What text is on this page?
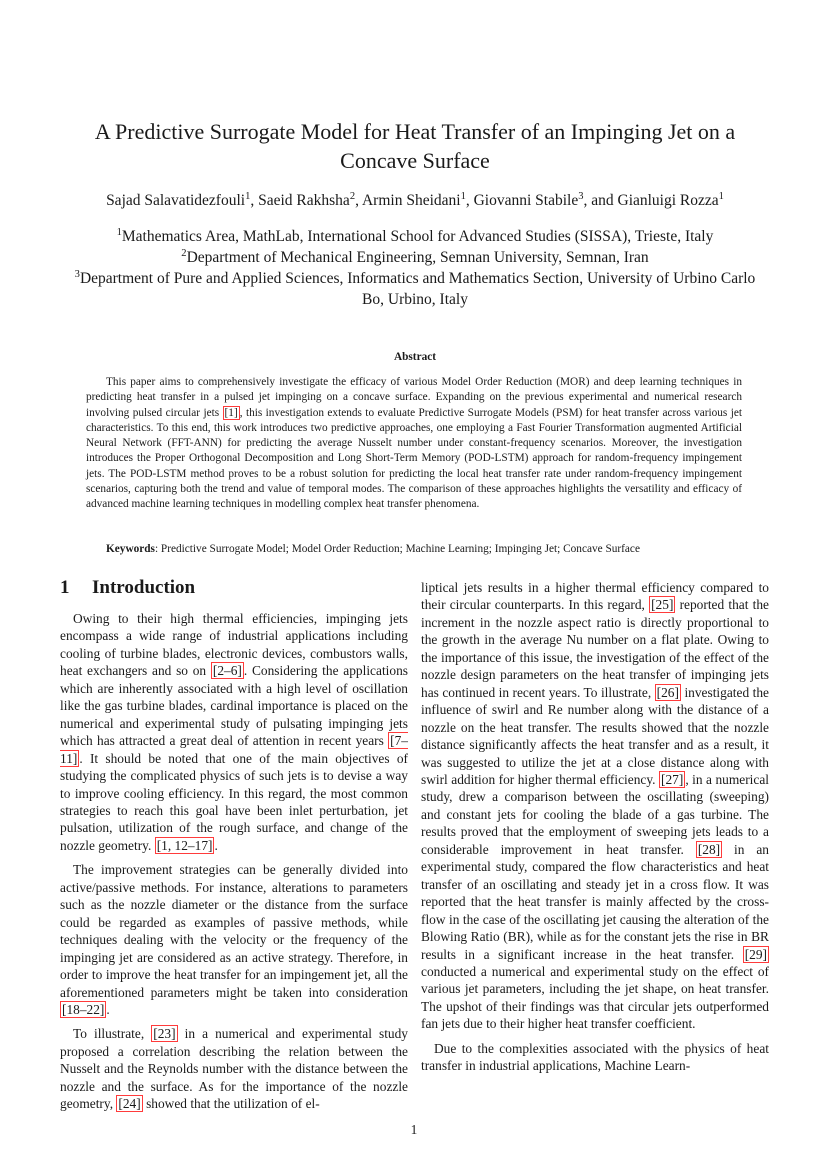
A Predictive Surrogate Model for Heat Transfer of an Impinging Jet on a Concave Surface
Sajad Salavatidezfouli$^1$, Saeid Rakhsha$^2$, Armin Sheidani$^1$, Giovanni Stabile$^3$, and Gianluigi Rozza$^1$
$^1$Mathematics Area, MathLab, International School for Advanced Studies (SISSA), Trieste, Italy
$^2$Department of Mechanical Engineering, Semnan University, Semnan, Iran
$^3$Department of Pure and Applied Sciences, Informatics and Mathematics Section, University of Urbino Carlo Bo, Urbino, Italy
Abstract
This paper aims to comprehensively investigate the efficacy of various Model Order Reduction (MOR) and deep learning techniques in predicting heat transfer in a pulsed jet impinging on a concave surface. Expanding on the previous experimental and numerical research involving pulsed circular jets [1] , this investigation extends to evaluate Predictive Surrogate Models (PSM) for heat transfer across various jet characteristics. To this end, this work introduces two predictive approaches, one employing a Fast Fourier Transformation augmented Artificial Neural Network (FFT-ANN) for predicting the average Nusselt number under constant-frequency scenarios. Moreover, the investigation introduces the Proper Orthogonal Decomposition and Long Short-Term Memory (POD-LSTM) approach for random-frequency impingement jets. The POD-LSTM method proves to be a robust solution for predicting the local heat transfer rate under random-frequency impingement scenarios, capturing both the trend and value of temporal modes. The comparison of these approaches highlights the versatility and efficacy of advanced machine learning techniques in modelling complex heat transfer phenomena.
Keywords: Predictive Surrogate Model; Model Order Reduction; Machine Learning; Impinging Jet; Concave Surface
1 Introduction

Owing to their high thermal efficiencies, impinging jets encompass a wide range of industrial applications including cooling of turbine blades, electronic devices, combustors walls, heat exchangers and so on [2–6] . Considering the applications which are inherently associated with a high level of oscillation like the gas turbine blades, cardinal importance is placed on the numerical and experimental study of pulsating impinging jets which has attracted a great deal of attention in recent years [7–11] . It should be noted that one of the main objectives of studying the complicated physics of such jets is to devise a way to improve cooling efficiency. In this regard, the most common strategies to reach this goal have been inlet perturbation, jet pulsation, utilization of the rough surface, and change of the nozzle geometry. [1, 12–17] .

The improvement strategies can be generally divided into active/passive methods. For instance, alterations to parameters such as the nozzle diameter or the distance from the surface could be regarded as examples of passive methods, while techniques dealing with the velocity or the frequency of the impinging jet are considered as an active strategy. Therefore, in order to improve the heat transfer for an impingement jet, all the aforementioned parameters might be taken into consideration [18–22] .

To illustrate, [23] in a numerical and experimental study proposed a correlation describing the relation between the Nusselt and the Reynolds number with the distance between the nozzle and the surface. As for the importance of the nozzle geometry, [24] showed that the utilization of el-

liptical jets results in a higher thermal efficiency compared to their circular counterparts. In this regard, [25] reported that the increment in the nozzle aspect ratio is directly proportional to the growth in the average Nu number on a flat plate. Owing to the importance of this issue, the investigation of the effect of the nozzle design parameters on the heat transfer of impinging jets has continued in recent years. To illustrate, [26] investigated the influence of swirl and Re number along with the distance of a nozzle on the heat transfer. The results showed that the nozzle distance significantly affects the heat transfer and as a result, it was suggested to utilize the jet at a close distance along with swirl addition for higher thermal efficiency. [27] , in a numerical study, drew a comparison between the oscillating (sweeping) and constant jets for cooling the blade of a gas turbine. The results proved that the employment of sweeping jets leads to a considerable improvement in heat transfer. [28] in an experimental study, compared the flow characteristics and heat transfer of an oscillating and steady jet in a cross flow. It was reported that the heat transfer is mainly affected by the cross-flow in the case of the oscillating jet causing the alteration of the Blowing Ratio (BR), while as for the constant jets the rise in BR results in a significant increase in the heat transfer. [29] conducted a numerical and experimental study on the effect of various jet parameters, including the jet shape, on heat transfer. The upshot of their findings was that circular jets outperformed fan jets due to their higher heat transfer coefficient.

Due to the complexities associated with the physics of heat transfer in industrial applications, Machine Learn-

1
